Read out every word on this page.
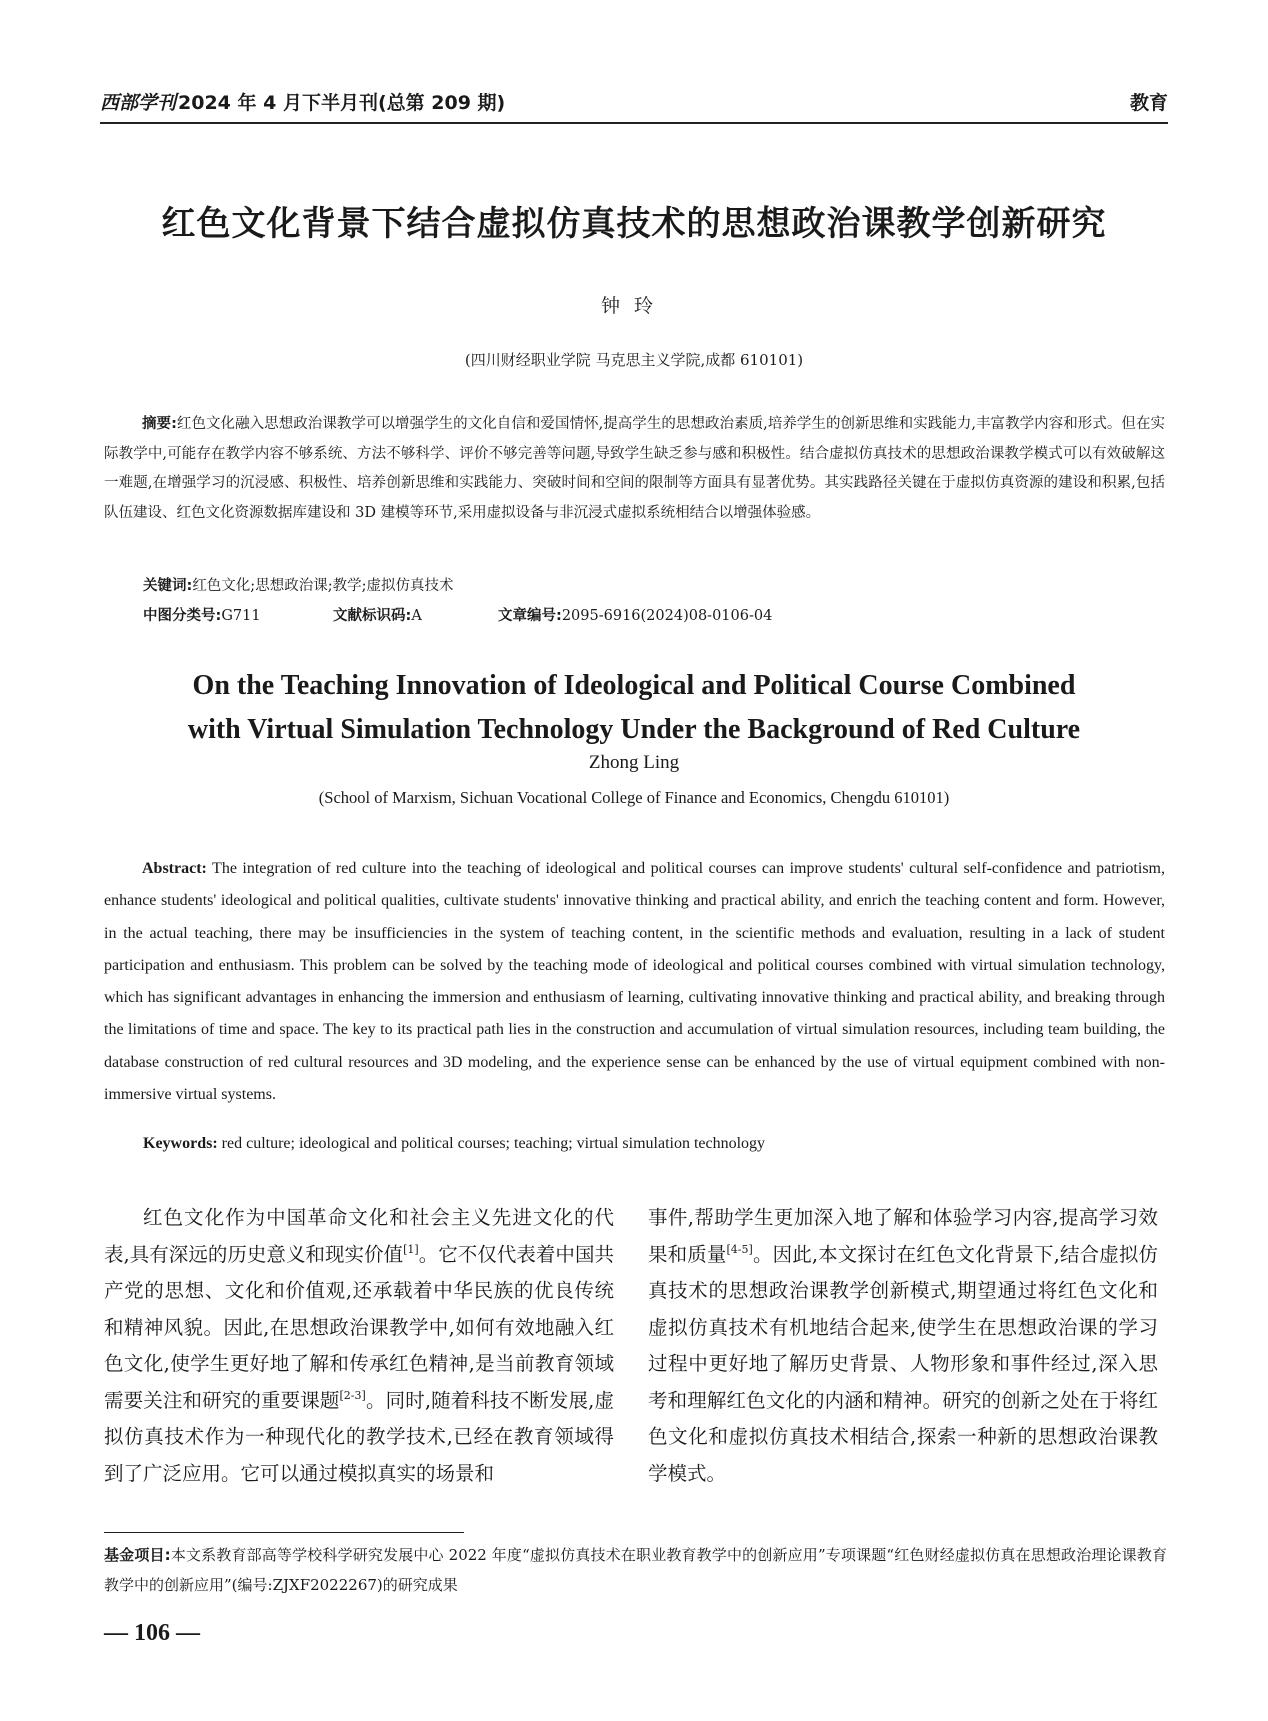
西部学刊 2024 年 4 月下半月刊(总第 209 期)	教育
红色文化背景下结合虚拟仿真技术的思想政治课教学创新研究
钟玲
(四川财经职业学院 马克思主义学院,成都 610101)
摘要:红色文化融入思想政治课教学可以增强学生的文化自信和爱国情怀,提高学生的思想政治素质,培养学生的创新思维和实践能力,丰富教学内容和形式。但在实际教学中,可能存在教学内容不够系统、方法不够科学、评价不够完善等问题,导致学生缺乏参与感和积极性。结合虚拟仿真技术的思想政治课教学模式可以有效破解这一难题,在增强学习的沉浸感、积极性、培养创新思维和实践能力、突破时间和空间的限制等方面具有显著优势。其实践路径关键在于虚拟仿真资源的建设和积累,包括队伍建设、红色文化资源数据库建设和 3D 建模等环节,采用虚拟设备与非沉浸式虚拟系统相结合以增强体验感。
关键词:红色文化;思想政治课;教学;虚拟仿真技术
中图分类号:G711	文献标识码:A	文章编号:2095-6916(2024)08-0106-04
On the Teaching Innovation of Ideological and Political Course Combined
with Virtual Simulation Technology Under the Background of Red Culture
Zhong Ling
(School of Marxism, Sichuan Vocational College of Finance and Economics, Chengdu 610101)
Abstract: The integration of red culture into the teaching of ideological and political courses can improve students' cultural self-confidence and patriotism, enhance students' ideological and political qualities, cultivate students' innovative thinking and practical ability, and enrich the teaching content and form. However, in the actual teaching, there may be insufficiencies in the system of teaching content, in the scientific methods and evaluation, resulting in a lack of student participation and enthusiasm. This problem can be solved by the teaching mode of ideological and political courses combined with virtual simulation technology, which has significant advantages in enhancing the immersion and enthusiasm of learning, cultivating innovative thinking and practical ability, and breaking through the limitations of time and space. The key to its practical path lies in the construction and accumulation of virtual simulation resources, including team building, the database construction of red cultural resources and 3D modeling, and the experience sense can be enhanced by the use of virtual equipment combined with non-immersive virtual systems.
Keywords: red culture; ideological and political courses; teaching; virtual simulation technology
红色文化作为中国革命文化和社会主义先进文化的代表,具有深远的历史意义和现实价值[1]。它不仅代表着中国共产党的思想、文化和价值观,还承载着中华民族的优良传统和精神风貌。因此,在思想政治课教学中,如何有效地融入红色文化,使学生更好地了解和传承红色精神,是当前教育领域需要关注和研究的重要课题[2-3]。同时,随着科技不断发展,虚拟仿真技术作为一种现代化的教学技术,已经在教育领域得到了广泛应用。它可以通过模拟真实的场景和
事件,帮助学生更加深入地了解和体验学习内容,提高学习效果和质量[4-5]。因此,本文探讨在红色文化背景下,结合虚拟仿真技术的思想政治课教学创新模式,期望通过将红色文化和虚拟仿真技术有机地结合起来,使学生在思想政治课的学习过程中更好地了解历史背景、人物形象和事件经过,深入思考和理解红色文化的内涵和精神。研究的创新之处在于将红色文化和虚拟仿真技术相结合,探索一种新的思想政治课教学模式。
基金项目:本文系教育部高等学校科学研究发展中心 2022 年度“虚拟仿真技术在职业教育教学中的创新应用”专项课题“红色财经虚拟仿真在思想政治理论课教育教学中的创新应用”(编号:ZJXF2022267)的研究成果
— 106 —
